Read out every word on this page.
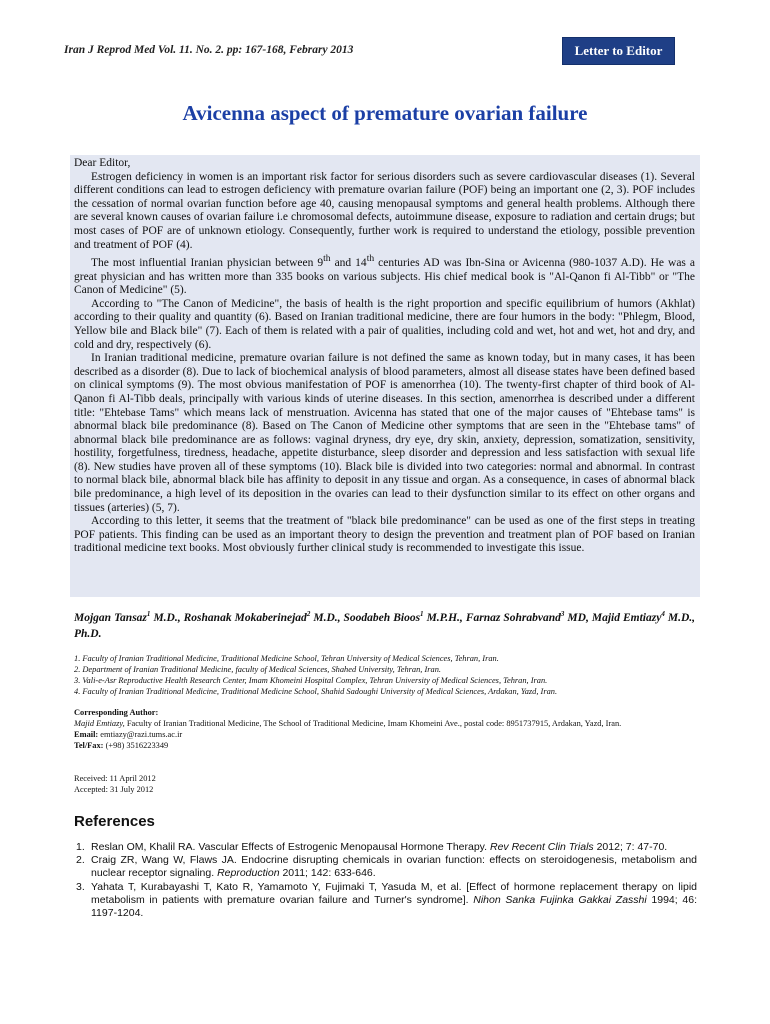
Iran J Reprod Med Vol. 11. No. 2. pp: 167-168, Febrary 2013	Letter to Editor
Avicenna aspect of premature ovarian failure

Dear Editor,

Estrogen deficiency in women is an important risk factor for serious disorders such as severe cardiovascular diseases (1). Several different conditions can lead to estrogen deficiency with premature ovarian failure (POF) being an important one (2, 3). POF includes the cessation of normal ovarian function before age 40, causing menopausal symptoms and general health problems. Although there are several known causes of ovarian failure i.e chromosomal defects, autoimmune disease, exposure to radiation and certain drugs; but most cases of POF are of unknown etiology. Consequently, further work is required to understand the etiology, possible prevention and treatment of POF (4).

The most influential Iranian physician between 9th and 14th centuries AD was Ibn-Sina or Avicenna (980-1037 A.D). He was a great physician and has written more than 335 books on various subjects. His chief medical book is "Al-Qanon fi Al-Tibb" or "The Canon of Medicine" (5).

According to "The Canon of Medicine", the basis of health is the right proportion and specific equilibrium of humors (Akhlat) according to their quality and quantity (6). Based on Iranian traditional medicine, there are four humors in the body: "Phlegm, Blood, Yellow bile and Black bile" (7). Each of them is related with a pair of qualities, including cold and wet, hot and wet, hot and dry, and cold and dry, respectively (6).

In Iranian traditional medicine, premature ovarian failure is not defined the same as known today, but in many cases, it has been described as a disorder (8). Due to lack of biochemical analysis of blood parameters, almost all disease states have been defined based on clinical symptoms (9). The most obvious manifestation of POF is amenorrhea (10). The twenty-first chapter of third book of Al-Qanon fi Al-Tibb deals, principally with various kinds of uterine diseases. In this section, amenorrhea is described under a different title: "Ehtebase Tams" which means lack of menstruation. Avicenna has stated that one of the major causes of "Ehtebase tams" is abnormal black bile predominance (8). Based on The Canon of Medicine other symptoms that are seen in the "Ehtebase tams" of abnormal black bile predominance are as follows: vaginal dryness, dry eye, dry skin, anxiety, depression, somatization, sensitivity, hostility, forgetfulness, tiredness, headache, appetite disturbance, sleep disorder and depression and less satisfaction with sexual life (8). New studies have proven all of these symptoms (10). Black bile is divided into two categories: normal and abnormal. In contrast to normal black bile, abnormal black bile has affinity to deposit in any tissue and organ. As a consequence, in cases of abnormal black bile predominance, a high level of its deposition in the ovaries can lead to their dysfunction similar to its effect on other organs and tissues (arteries) (5, 7).

According to this letter, it seems that the treatment of "black bile predominance" can be used as one of the first steps in treating POF patients. This finding can be used as an important theory to design the prevention and treatment plan of POF based on Iranian traditional medicine text books. Most obviously further clinical study is recommended to investigate this issue.

Mojgan Tansaz$^1$ M.D., Roshanak Mokaberinejad$^2$ M.D., Soodabeh Bioos$^1$ M.P.H., Farnaz Sohrabvand$^3$ MD, Majid Emtiazy$^4$ M.D., Ph.D.
1. Faculty of Iranian Traditional Medicine, Traditional Medicine School, Tehran University of Medical Sciences, Tehran, Iran.
2. Department of Iranian Traditional Medicine, faculty of Medical Sciences, Shahed University, Tehran, Iran.
3. Vali-e-Asr Reproductive Health Research Center, Imam Khomeini Hospital Complex, Tehran University of Medical Sciences, Tehran, Iran.
4. Faculty of Iranian Traditional Medicine, Traditional Medicine School, Shahid Sadoughi University of Medical Sciences, Ardakan, Yazd, Iran.
Corresponding Author:
Majid Emtiazy, Faculty of Iranian Traditional Medicine, The School of Traditional Medicine, Imam Khomeini Ave., postal code: 8951737915, Ardakan, Yazd, Iran.
Email: emtiazy@razi.tums.ac.ir
Tel/Fax: (+98) 3516223349
Received: 11 April 2012
Accepted: 31 July 2012
References
1. Reslan OM, Khalil RA. Vascular Effects of Estrogenic Menopausal Hormone Therapy. Rev Recent Clin Trials 2012; 7: 47-70.
2. Craig ZR, Wang W, Flaws JA. Endocrine disrupting chemicals in ovarian function: effects on steroidogenesis, metabolism and nuclear receptor signaling. Reproduction 2011; 142: 633-646.
3. Yahata T, Kurabayashi T, Kato R, Yamamoto Y, Fujimaki T, Yasuda M, et al. [Effect of hormone replacement therapy on lipid metabolism in patients with premature ovarian failure and Turner's syndrome]. Nihon Sanka Fujinka Gakkai Zasshi 1994; 46: 1197-1204.
